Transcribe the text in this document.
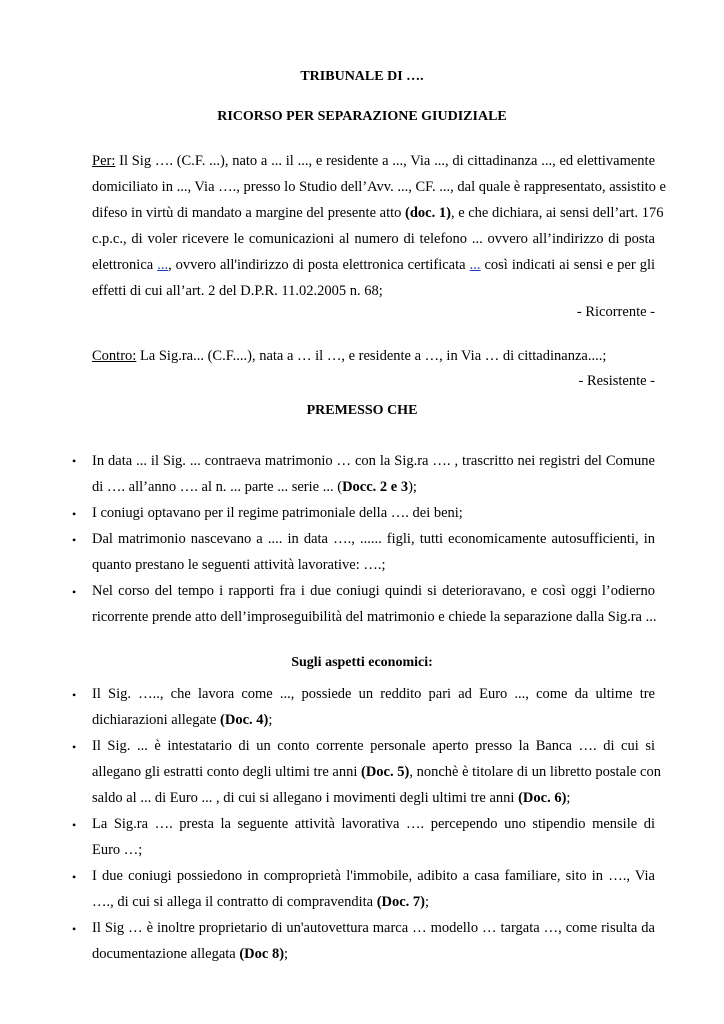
TRIBUNALE DI ….
RICORSO PER SEPARAZIONE GIUDIZIALE
Per: Il Sig …. (C.F. ...), nato a ... il ..., e residente a ..., Via ..., di cittadinanza ..., ed elettivamente
domiciliato in ..., Via …., presso lo Studio dell’Avv. ..., CF. ..., dal quale è rappresentato, assistito e
difeso in virtù di mandato a margine del presente atto (doc. 1), e che dichiara, ai sensi dell’art. 176
c.p.c., di voler ricevere le comunicazioni al numero di telefono ... ovvero all’indirizzo di posta
elettronica ..., ovvero all'indirizzo di posta elettronica certificata ... così indicati ai sensi e per gli
effetti di cui all’art. 2 del D.P.R. 11.02.2005 n. 68;
- Ricorrente -
Contro: La Sig.ra... (C.F....), nata a … il …, e residente a …, in Via … di cittadinanza....;
- Resistente -
PREMESSO CHE
• In data ... il Sig. ... contraeva matrimonio … con la Sig.ra …. , trascritto nei registri del Comune
di …. all’anno …. al n. ... parte ... serie ... (Docc. 2 e 3);
• I coniugi optavano per il regime patrimoniale della …. dei beni;
• Dal matrimonio nascevano a .... in data …., ...... figli, tutti economicamente autosufficienti, in
quanto prestano le seguenti attività lavorative: ….;
• Nel corso del tempo i rapporti fra i due coniugi quindi si deterioravano, e così oggi l’odierno
ricorrente prende atto dell’improseguibilità del matrimonio e chiede la separazione dalla Sig.ra ...
Sugli aspetti economici:
• Il Sig. ….., che lavora come ..., possiede un reddito pari ad Euro ..., come da ultime tre
dichiarazioni allegate (Doc. 4);
• Il Sig. ... è intestatario di un conto corrente personale aperto presso la Banca …. di cui si
allegano gli estratti conto degli ultimi tre anni (Doc. 5), nonchè è titolare di un libretto postale con
saldo al ... di Euro ... , di cui si allegano i movimenti degli ultimi tre anni (Doc. 6);
• La Sig.ra …. presta la seguente attività lavorativa …. percependo uno stipendio mensile di
Euro …;
• I due coniugi possiedono in comproprietà l'immobile, adibito a casa familiare, sito in …., Via
…., di cui si allega il contratto di compravendita (Doc. 7);
• Il Sig … è inoltre proprietario di un'autovettura marca … modello … targata …, come risulta da
documentazione allegata (Doc 8);
